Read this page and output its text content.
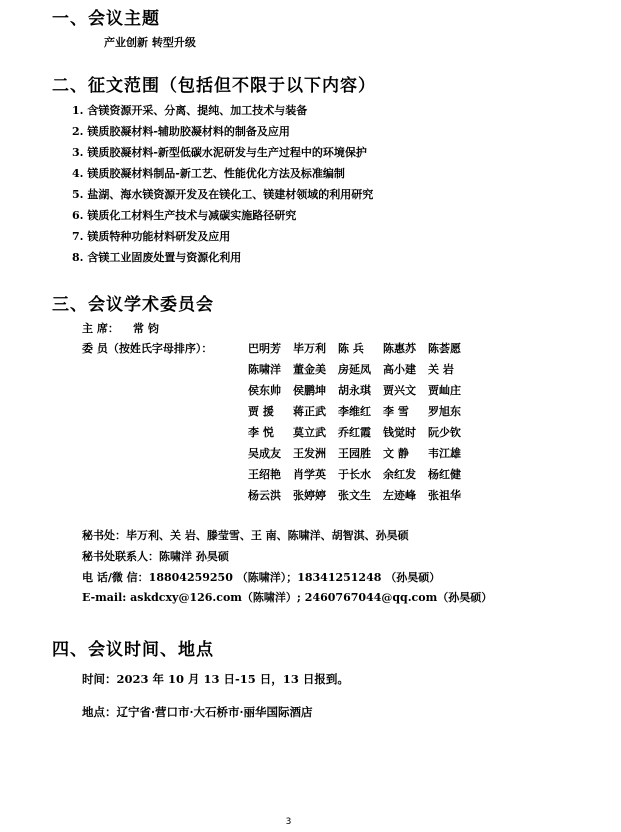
一、会议主题
产业创新 转型升级
二、征文范围（包括但不限于以下内容）
1. 含镁资源开采、分离、提纯、加工技术与装备
2. 镁质胶凝材料-辅助胶凝材料的制备及应用
3. 镁质胶凝材料-新型低碳水泥研发与生产过程中的环境保护
4. 镁质胶凝材料制品-新工艺、性能优化方法及标准编制
5. 盐湖、海水镁资源开发及在镁化工、镁建材领域的利用研究
6. 镁质化工材料生产技术与减碳实施路径研究
7. 镁质特种功能材料研发及应用
8. 含镁工业固废处置与资源化利用
三、会议学术委员会
主 席： 常 钧
委 员（按姓氏字母排序）：	巴明芳 毕万利 陈 兵 陈惠苏 陈荟愿
陈啸洋 董金美 房延凤 高小建 关 岩
侯东帅 侯鹏坤 胡永琪 贾兴文 贾屾庄
贾 援 蒋正武 李维红 李 雪 罗旭东
李 悦 莫立武 乔红霞 钱觉时 阮少钦
吴成友 王发洲 王园胜 文 静 韦江雄
王绍艳 肖学英 于长水 余红发 杨红健
杨云洪 张婷婷 张文生 左迹峰 张祖华
秘书处：毕万利、关 岩、滕莹雪、王 南、陈啸洋、胡智淇、孙昊硕
秘书处联系人：陈啸洋 孙昊硕
电 话/微 信：18804259250 （陈啸洋）；18341251248 （孙昊硕）
E-mail: askdcxy@126.com（陈啸洋）; 2460767044@qq.com（孙昊硕）
四、会议时间、地点
时间：2023 年 10 月 13 日-15 日，13 日报到。
地点：辽宁省·营口市·大石桥市·丽华国际酒店
3
